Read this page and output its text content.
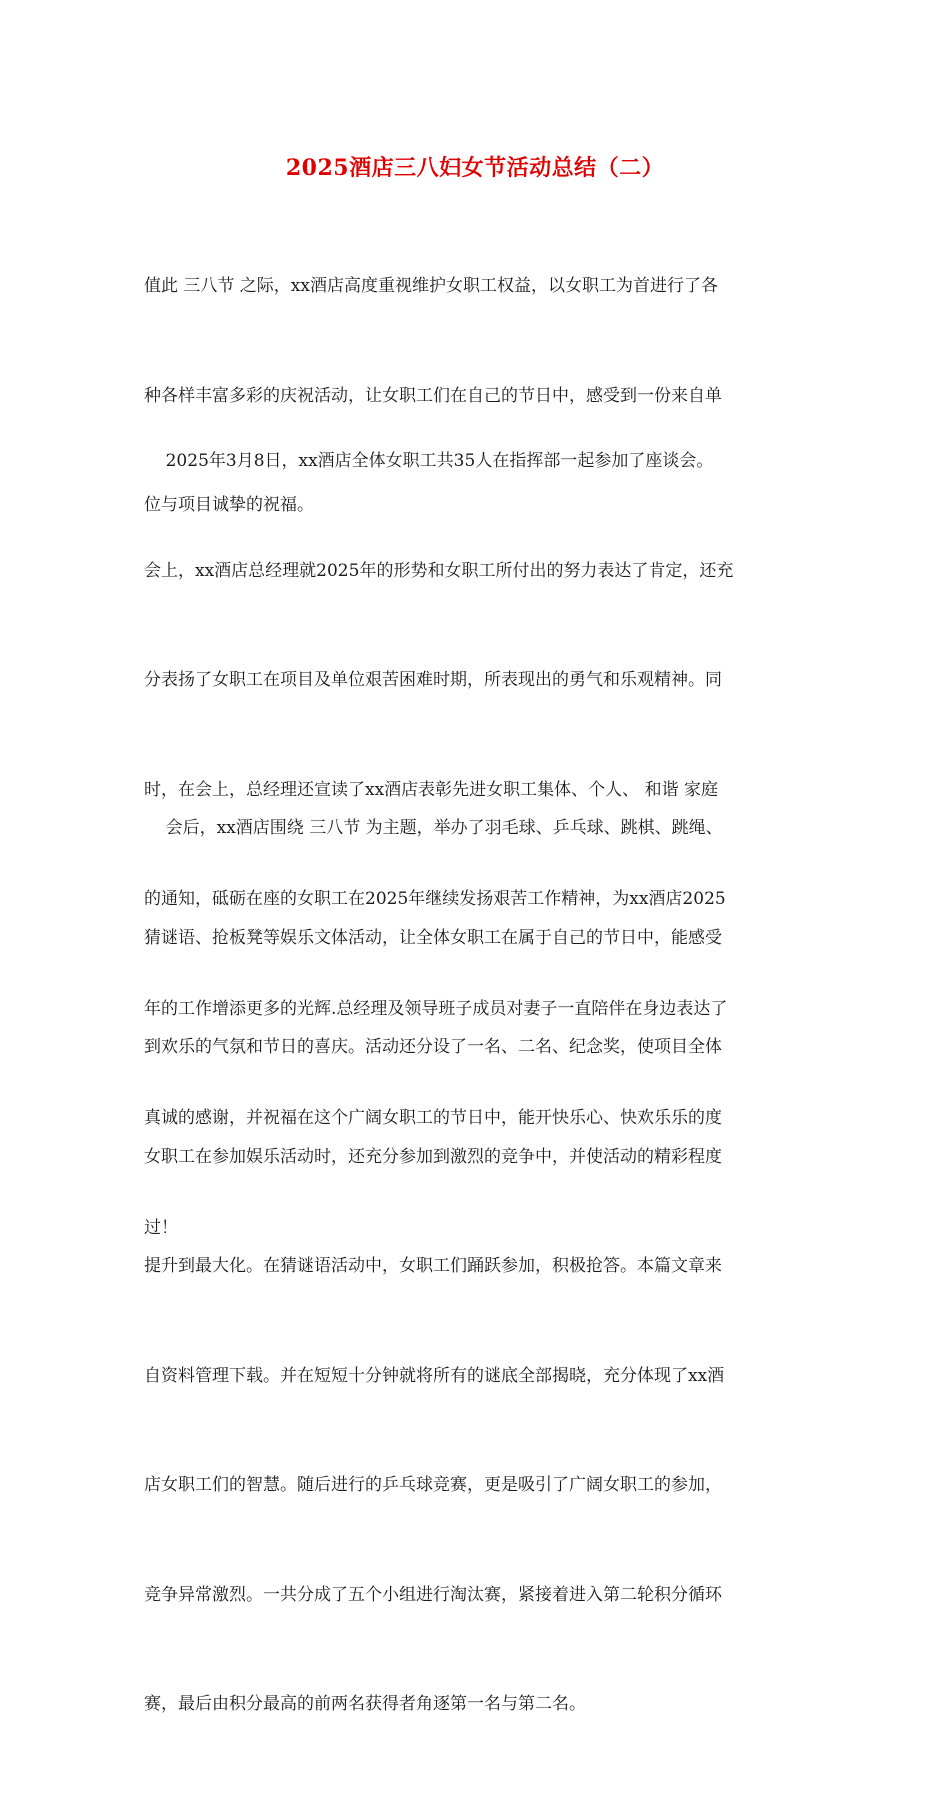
2025酒店三八妇女节活动总结（二）

值此 三八节 之际，xx酒店高度重视维护女职工权益，以女职工为首进行了各

种各样丰富多彩的庆祝活动，让女职工们在自己的节日中，感受到一份来自单

位与项目诚挚的祝福。

2025年3月8日，xx酒店全体女职工共35人在指挥部一起参加了座谈会。

会上，xx酒店总经理就2025年的形势和女职工所付出的努力表达了肯定，还充

分表扬了女职工在项目及单位艰苦困难时期，所表现出的勇气和乐观精神。同

时，在会上，总经理还宣读了xx酒店表彰先进女职工集体、个人、 和谐 家庭

的通知，砥砺在座的女职工在2025年继续发扬艰苦工作精神，为xx酒店2025

年的工作增添更多的光辉.总经理及领导班子成员对妻子一直陪伴在身边表达了

真诚的感谢，并祝福在这个广阔女职工的节日中，能开快乐心、快欢乐乐的度

过！

会后，xx酒店围绕 三八节 为主题，举办了羽毛球、乒乓球、跳棋、跳绳、

猜谜语、抢板凳等娱乐文体活动，让全体女职工在属于自己的节日中，能感受

到欢乐的气氛和节日的喜庆。活动还分设了一名、二名、纪念奖，使项目全体

女职工在参加娱乐活动时，还充分参加到激烈的竞争中，并使活动的精彩程度

提升到最大化。在猜谜语活动中，女职工们踊跃参加，积极抢答。本篇文章来

自资料管理下载。并在短短十分钟就将所有的谜底全部揭晓，充分体现了xx酒

店女职工们的智慧。随后进行的乒乓球竞赛，更是吸引了广阔女职工的参加，

竞争异常激烈。一共分成了五个小组进行淘汰赛，紧接着进入第二轮积分循环

赛，最后由积分最高的前两名获得者角逐第一名与第二名。
